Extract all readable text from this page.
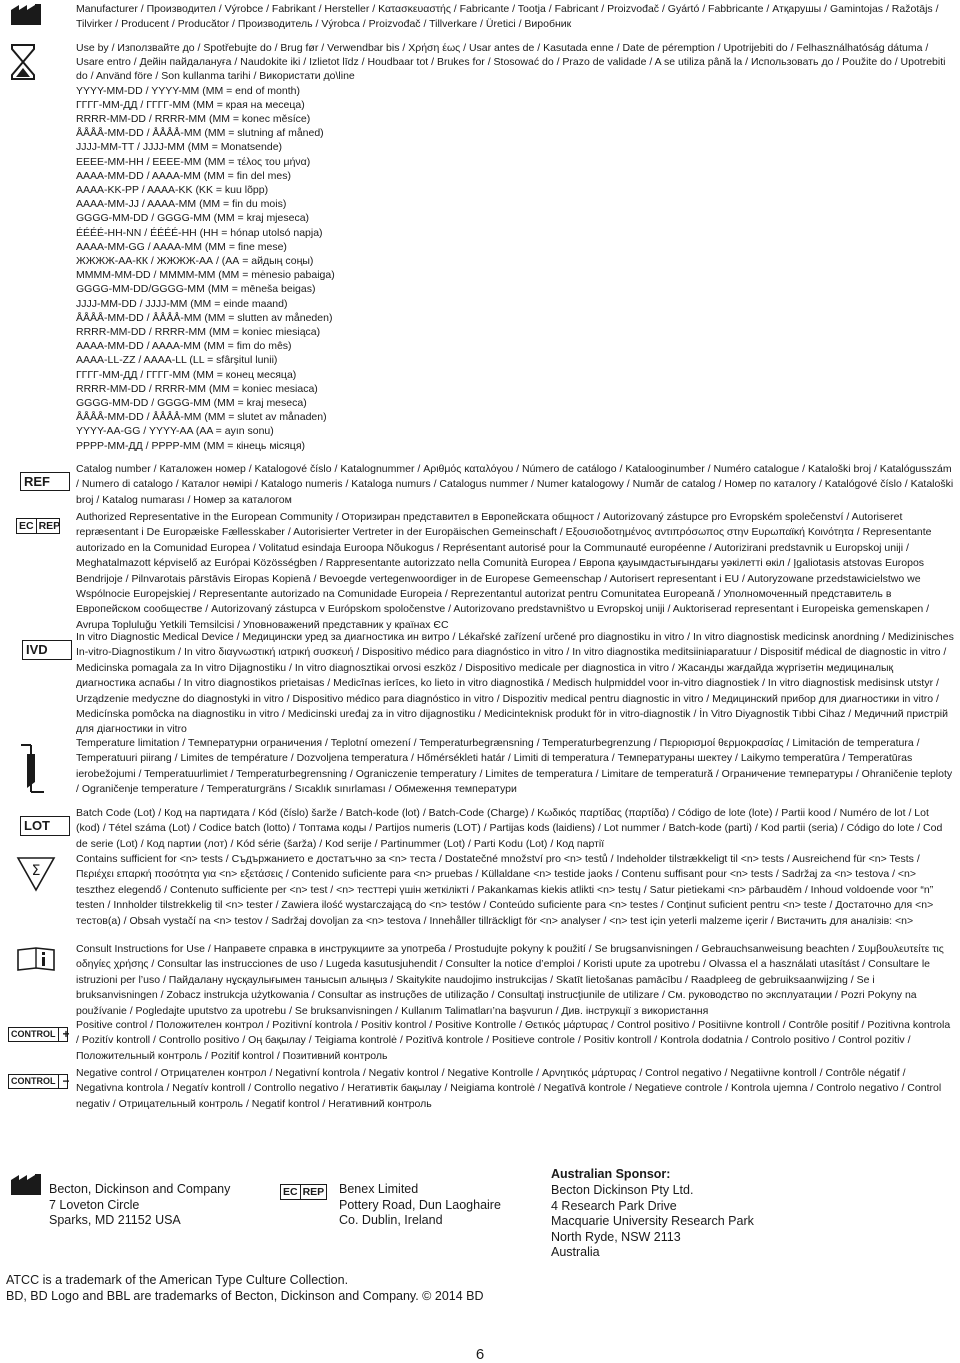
Manufacturer / Производител / Výrobce / Fabrikant / Hersteller / Κατασκευαστής / Fabricante / Tootja / Fabricant / Proizvođač / Gyártó / Fabbricante / Атқарушы / Gamintojas / Ražotājs / Tilvirker / Producent / Producător / Производитель / Výrobca / Proizvođač / Tillverkare / Üretici / Виробник
Use by / Използвайте до / Spotřebujte do / Brug før / Verwendbar bis / Χρήση έως / Usar antes de / Kasutada enne / Date de péremption / Upotrijebiti do / Felhasználhatóság dátuma / Usare entro / Дейін пайдалануға / Naudokite iki / Izlietot līdz / Houdbaar tot / Brukes for / Stosować do / Prazo de validade / A se utiliza până la / Использовать до / Použite do / Upotrebiti do / Använd före / Son kullanma tarihi / Використати до\line
YYYY-MM-DD / YYYY-MM (MM = end of month)
ГГГГ-ММ-ДД / ГГГГ-ММ (ММ = края на месеца)
RRRR-MM-DD / RRRR-MM (MM = konec měsíce)
ÅÅÅÅ-MM-DD / ÅÅÅÅ-MM (MM = slutning af måned)
JJJJ-MM-TT / JJJJ-MM (MM = Monatsende)
ΕΕΕΕ-ΜΜ-ΗΗ / ΕΕΕΕ-ΜΜ (ΜΜ = τέλος του μήνα)
AAAA-MM-DD / AAAA-MM (MM = fin del mes)
AAAA-KK-PP / AAAA-KK (KK = kuu lõpp)
AAAA-MM-JJ / AAAA-MM (MM = fin du mois)
GGGG-MM-DD / GGGG-MM (MM = kraj mjeseca)
ÉÉÉÉ-HH-NN / ÉÉÉÉ-HH (HH = hónap utolsó napja)
AAAA-MM-GG / AAAA-MM (MM = fine mese)
ЖЖЖЖ-АА-КК / ЖЖЖЖ-АА / (АА = айдың соңы)
MMMM-MM-DD / MMMM-MM (MM = mėnesio pabaiga)
GGGG-MM-DD/GGGG-MM (MM = mēneša beigas)
JJJJ-MM-DD / JJJJ-MM (MM = einde maand)
ÅÅÅÅ-MM-DD / ÅÅÅÅ-MM (MM = slutten av måneden)
RRRR-MM-DD / RRRR-MM (MM = koniec miesiąca)
AAAA-MM-DD / AAAA-MM (MM = fim do mês)
AAAA-LL-ZZ / AAAA-LL (LL = sfârşitul lunii)
ГГГГ-ММ-ДД / ГГГГ-ММ (ММ = конец месяца)
RRRR-MM-DD / RRRR-MM (MM = koniec mesiaca)
GGGG-MM-DD / GGGG-MM (MM = kraj meseca)
ÅÅÅÅ-MM-DD / ÅÅÅÅ-MM (MM = slutet av månaden)
YYYY-AA-GG / YYYY-AA (AA = ayın sonu)
РРРР-ММ-ДД / РРРР-ММ (ММ = кінець місяця)
REF
Catalog number / Каталожен номер / Katalogové číslo / Katalognummer / Αριθμός καταλόγου / Número de catálogo / Katalooginumber / Numéro catalogue / Kataloški broj / Katalógusszám / Numero di catalogo / Каталог нөмірі / Katalogo numeris / Kataloga numurs / Catalogus nummer / Numer katalogowy / Număr de catalog / Номер по каталогу / Katalógové číslo / Kataloški broj / Katalog numarası / Номер за каталогом
EC REP
Authorized Representative in the European Community / Оторизиран представител в Европейската общност / Autorizovaný zástupce pro Evropském společenství / Autoriseret repræsentant i De Europæiske Fællesskaber / Autorisierter Vertreter in der Europäischen Gemeinschaft / Εξουσιοδοτημένος αντιπρόσωπος στην Ευρωπαϊκή Κοινότητα / Representante autorizado en la Comunidad Europea / Volitatud esindaja Euroopa Nõukogus / Représentant autorisé pour la Communauté européenne / Autorizirani predstavnik u Europskoj uniji / Meghatalmazott képviselő az Európai Közösségben / Rappresentante autorizzato nella Comunità Europea / Европа қауымдастығындағы уәкілетті өкіл / Įgaliotasis atstovas Europos Bendrijoje / Pilnvarotais pārstāvis Eiropas Kopienā / Bevoegde vertegenwoordiger in de Europese Gemeenschap / Autorisert representant i EU / Autoryzowane przedstawicielstwo we Wspólnocie Europejskiej / Representante autorizado na Comunidade Europeia / Reprezentantul autorizat pentru Comunitatea Europeană / Уполномоченный представитель в Европейском сообществе / Autorizovaný zástupca v Európskom spoločenstve / Autorizovano predstavništvo u Evropskoj uniji / Auktoriserad representant i Europeiska gemenskapen / Avrupa Topluluğu Yetkili Temsilcisi / Уповноважений представник у країнах ЄС
IVD
In vitro Diagnostic Medical Device / Медицински уред за диагностика ин витро / Lékařské zařízení určené pro diagnostiku in vitro / In vitro diagnostisk medicinsk anordning / Medizinisches In-vitro-Diagnostikum / In vitro διαγνωστική ιατρική συσκευή / Dispositivo médico para diagnóstico in vitro / In vitro diagnostika meditsiiniaparatuur / Dispositif médical de diagnostic in vitro / Medicinska pomagala za In vitro Dijagnostiku / In vitro diagnosztikai orvosi eszköz / Dispositivo medicale per diagnostica in vitro / Жасанды жағдайда жүргізетін медициналық диагностика аспабы / In vitro diagnostikos prietaisas / Medicīnas ierīces, ko lieto in vitro diagnostikā / Medisch hulpmiddel voor in-vitro diagnostiek / In vitro diagnostisk medisinsk utstyr / Urządzenie medyczne do diagnostyki in vitro / Dispositivo médico para diagnóstico in vitro / Dispozitiv medical pentru diagnostic in vitro / Медицинский прибор для диагностики in vitro / Medicínska pomôcka na diagnostiku in vitro / Medicinski uređaj za in vitro dijagnostiku / Medicinteknisk produkt för in vitro-diagnostik / İn Vitro Diyagnostik Tıbbi Cihaz / Медичний пристрій для діагностики in vitro
Temperature limitation / Температурни ограничения / Teplotní omezení / Temperaturbegrænsning / Temperaturbegrenzung / Περιορισμοί θερμοκρασίας / Limitación de temperatura / Temperatuuri piirang / Limites de température / Dozvoljena temperatura / Hőmérsékleti határ / Limiti di temperatura / Температураны шектеу / Laikymo temperatūra / Temperatūras ierobežojumi / Temperatuurlimiet / Temperaturbegrensning / Ograniczenie temperatury / Limites de temperatura / Limitare de temperatură / Ограничение температуры / Ohraničenie teploty / Ograničenje temperature / Temperaturgräns / Sıcaklık sınırlaması / Обмеження температури
LOT
Batch Code (Lot) / Код на партидата / Kód (číslo) šarže / Batch-kode (lot) / Batch-Code (Charge) / Κωδικός παρτίδας (παρτίδα) / Código de lote (lote) / Partii kood / Numéro de lot / Lot (kod) / Tétel száma (Lot) / Codice batch (lotto) / Топтама коды / Partijos numeris (LOT) / Partijas kods (laidiens) / Lot nummer / Batch-kode (parti) / Kod partii (seria) / Código do lote / Cod de serie (Lot) / Код партии (лот) / Kód série (šarža) / Kod serije / Partinummer (Lot) / Parti Kodu (Lot) / Код партії
Σ
Contains sufficient for <n> tests / Съдържанието е достатъчно за <n> теста / Dostatečné množství pro <n> testů / Indeholder tilstrækkeligt til <n> tests / Ausreichend für <n> Tests / Περιέχει επαρκή ποσότητα για <n> εξετάσεις / Contenido suficiente para <n> pruebas / Küllaldane <n> testide jaoks / Contenu suffisant pour <n> tests / Sadržaj za <n> testova / <n> teszthez elegendő / Contenuto sufficiente per <n> test / <n> тесттері үшін жеткілікті / Pakankamas kiekis atlikti <n> testų / Satur pietiekami <n> pārbaudēm / Inhoud voldoende voor “n” testen / Innholder tilstrekkelig til <n> tester / Zawiera ilość wystarczającą do <n> testów / Conteúdo suficiente para <n> testes / Conţinut suficient pentru <n> teste / Достаточно для <n> тестов(а) / Obsah vystačí na <n> testov / Sadržaj dovoljan za <n> testova / Innehåller tillräckligt för <n> analyser / <n> test için yeterli malzeme içerir / Вистачить для аналізів: <n>
Consult Instructions for Use / Направете справка в инструкциите за употреба / Prostudujte pokyny k použití / Se brugsanvisningen / Gebrauchsanweisung beachten / Συμβουλευτείτε τις οδηγίες χρήσης / Consultar las instrucciones de uso / Lugeda kasutusjuhendit / Consulter la notice d’emploi / Koristi upute za upotrebu / Olvassa el a használati utasítást / Consultare le istruzioni per l’uso / Пайдалану нұсқаулығымен танысып алыңыз / Skaitykite naudojimo instrukcijas / Skatīt lietošanas pamācību / Raadpleeg de gebruiksaanwijzing / Se i bruksanvisningen / Zobacz instrukcja użytkowania / Consultar as instruções de utilização / Consultaţi instrucţiunile de utilizare / См. руководство по эксплуатации / Pozri Pokyny na používanie / Pogledajte uputstvo za upotrebu / Se bruksanvisningen / Kullanım Talimatları’na başvurun / Див. інструкції з використання
CONTROL +
Positive control / Положителен контрол / Pozitivní kontrola / Positiv kontrol / Positive Kontrolle / Θετικός μάρτυρας / Control positivo / Positiivne kontroll / Contrôle positif / Pozitivna kontrola / Pozitív kontroll / Controllo positivo / Оң бақылау / Teigiama kontrolė / Pozitīvā kontrole / Positieve controle / Positiv kontroll / Kontrola dodatnia / Controlo positivo / Control pozitiv / Положительный контроль / Pozitif kontrol / Позитивний контроль
CONTROL −
Negative control / Отрицателен контрол / Negativní kontrola / Negativ kontrol / Negative Kontrolle / Αρνητικός μάρτυρας / Control negativo / Negatiivne kontroll / Contrôle négatif / Negativna kontrola / Negatív kontroll / Controllo negativo / Негативтік бақылау / Neigiama kontrolė / Negatīvā kontrole / Negatieve controle / Kontrola ujemna / Controlo negativo / Control negativ / Отрицательный контроль / Negatif kontrol / Негативний контроль
Becton, Dickinson and Company
7 Loveton Circle
Sparks, MD 21152 USA
EC REP Benex Limited
Pottery Road, Dun Laoghaire
Co. Dublin, Ireland
Australian Sponsor:
Becton Dickinson Pty Ltd.
4 Research Park Drive
Macquarie University Research Park
North Ryde, NSW 2113
Australia
ATCC is a trademark of the American Type Culture Collection.
BD, BD Logo and BBL are trademarks of Becton, Dickinson and Company. © 2014 BD
6
